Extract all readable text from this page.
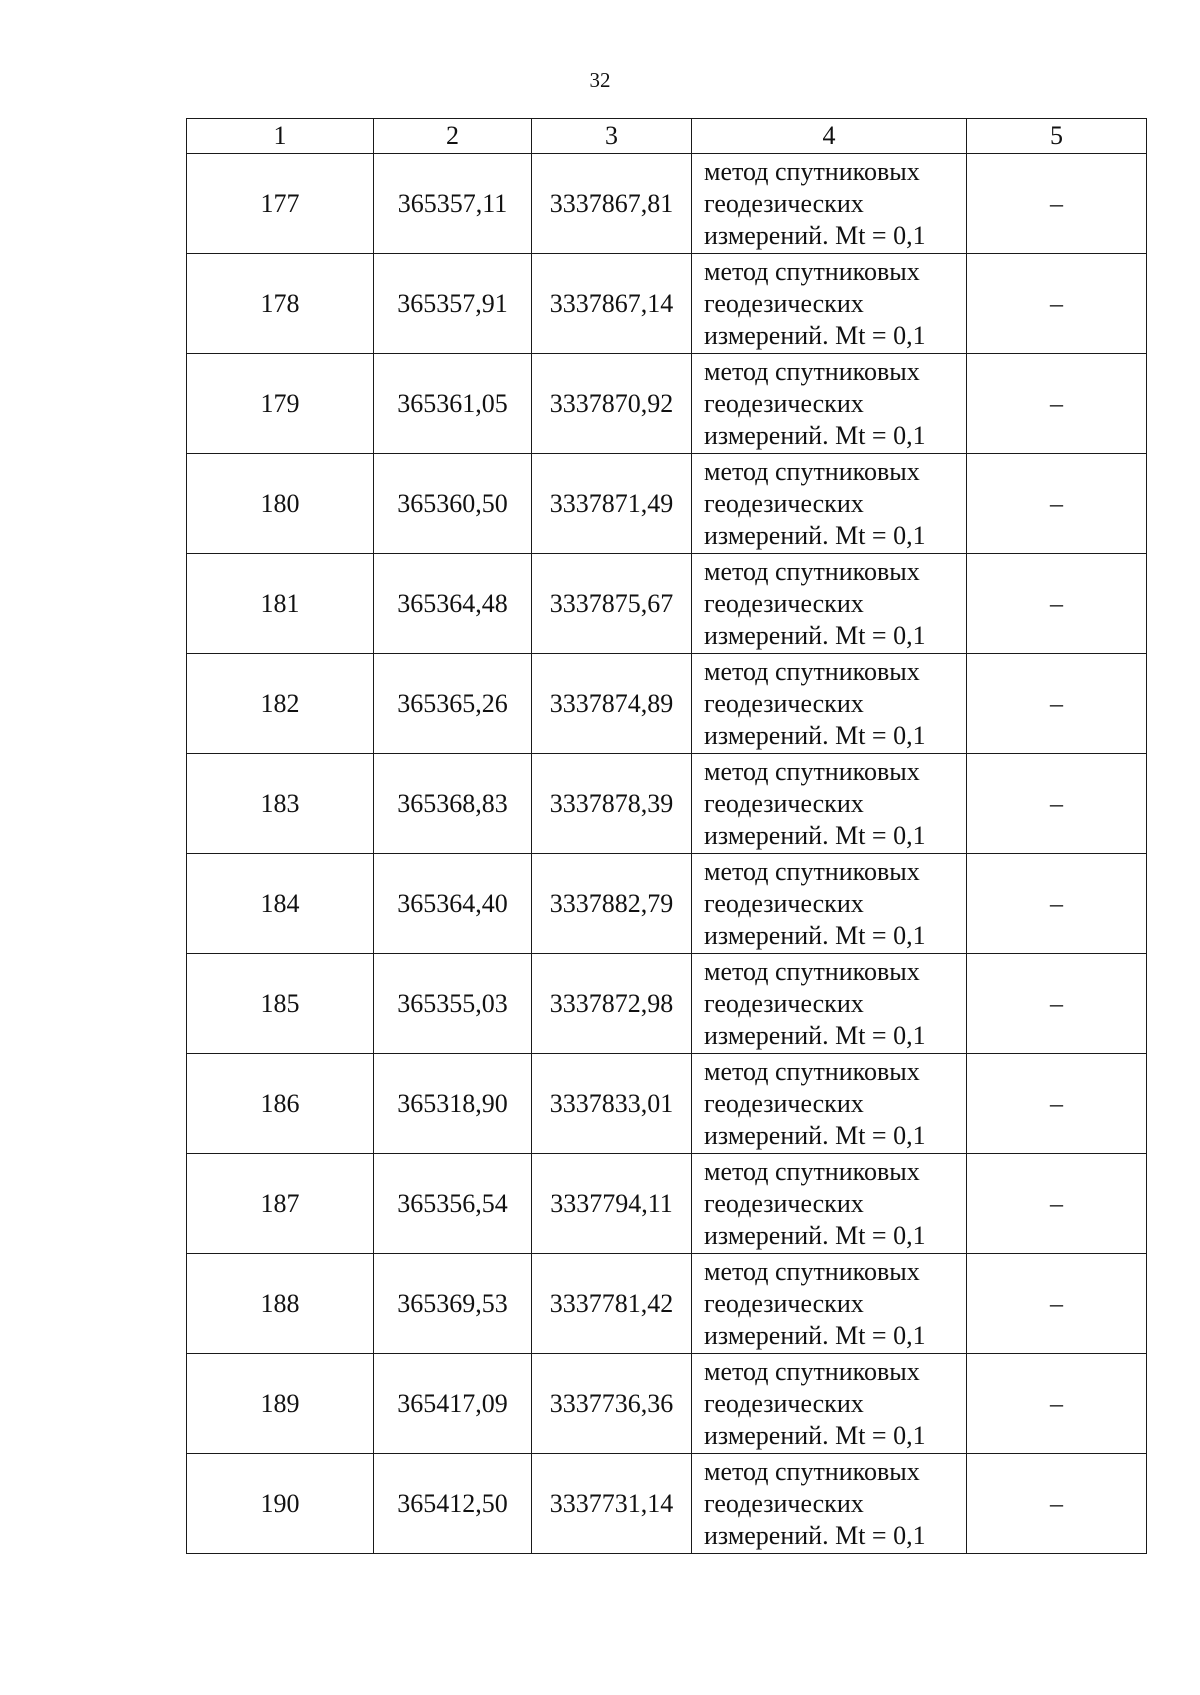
32
1	2	3	4	5
177	365357,11	3337867,81	метод спутниковых
геодезических
измерений. Mt = 0,1	–
178	365357,91	3337867,14	метод спутниковых
геодезических
измерений. Mt = 0,1	–
179	365361,05	3337870,92	метод спутниковых
геодезических
измерений. Mt = 0,1	–
180	365360,50	3337871,49	метод спутниковых
геодезических
измерений. Mt = 0,1	–
181	365364,48	3337875,67	метод спутниковых
геодезических
измерений. Mt = 0,1	–
182	365365,26	3337874,89	метод спутниковых
геодезических
измерений. Mt = 0,1	–
183	365368,83	3337878,39	метод спутниковых
геодезических
измерений. Mt = 0,1	–
184	365364,40	3337882,79	метод спутниковых
геодезических
измерений. Mt = 0,1	–
185	365355,03	3337872,98	метод спутниковых
геодезических
измерений. Mt = 0,1	–
186	365318,90	3337833,01	метод спутниковых
геодезических
измерений. Mt = 0,1	–
187	365356,54	3337794,11	метод спутниковых
геодезических
измерений. Mt = 0,1	–
188	365369,53	3337781,42	метод спутниковых
геодезических
измерений. Mt = 0,1	–
189	365417,09	3337736,36	метод спутниковых
геодезических
измерений. Mt = 0,1	–
190	365412,50	3337731,14	метод спутниковых
геодезических
измерений. Mt = 0,1	–
